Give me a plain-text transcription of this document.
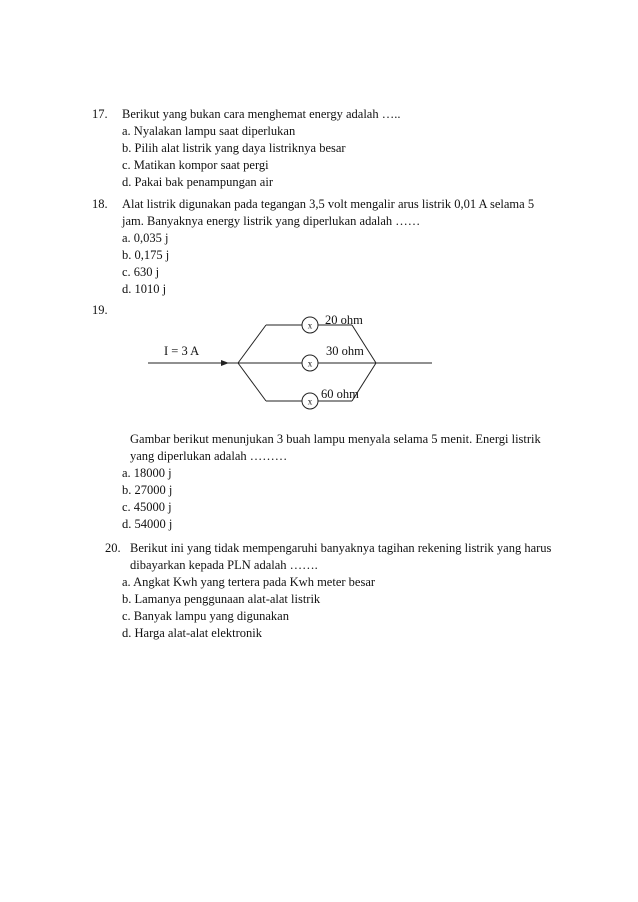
17. Berikut yang bukan cara menghemat energy adalah …..
a. Nyalakan lampu saat diperlukan
b. Pilih alat listrik yang daya listriknya besar
c. Matikan kompor saat pergi
d. Pakai bak penampungan air
18. Alat listrik digunakan pada tegangan 3,5 volt mengalir arus listrik 0,01 A selama 5
jam. Banyaknya energy listrik yang diperlukan adalah ……
a. 0,035 j
b. 0,175 j
c. 630 j
d. 1010 j
19.
x
x
x
I = 3 A
20 ohm
30 ohm
60 ohm
Gambar berikut menunjukan 3 buah lampu menyala selama 5 menit. Energi listrik
yang diperlukan adalah ………
a. 18000 j
b. 27000 j
c. 45000 j
d. 54000 j
20. Berikut ini yang tidak mempengaruhi banyaknya tagihan rekening listrik yang harus
dibayarkan kepada PLN adalah …….
a. Angkat Kwh yang tertera pada Kwh meter besar
b. Lamanya penggunaan alat-alat listrik
c. Banyak lampu yang digunakan
d. Harga alat-alat elektronik
